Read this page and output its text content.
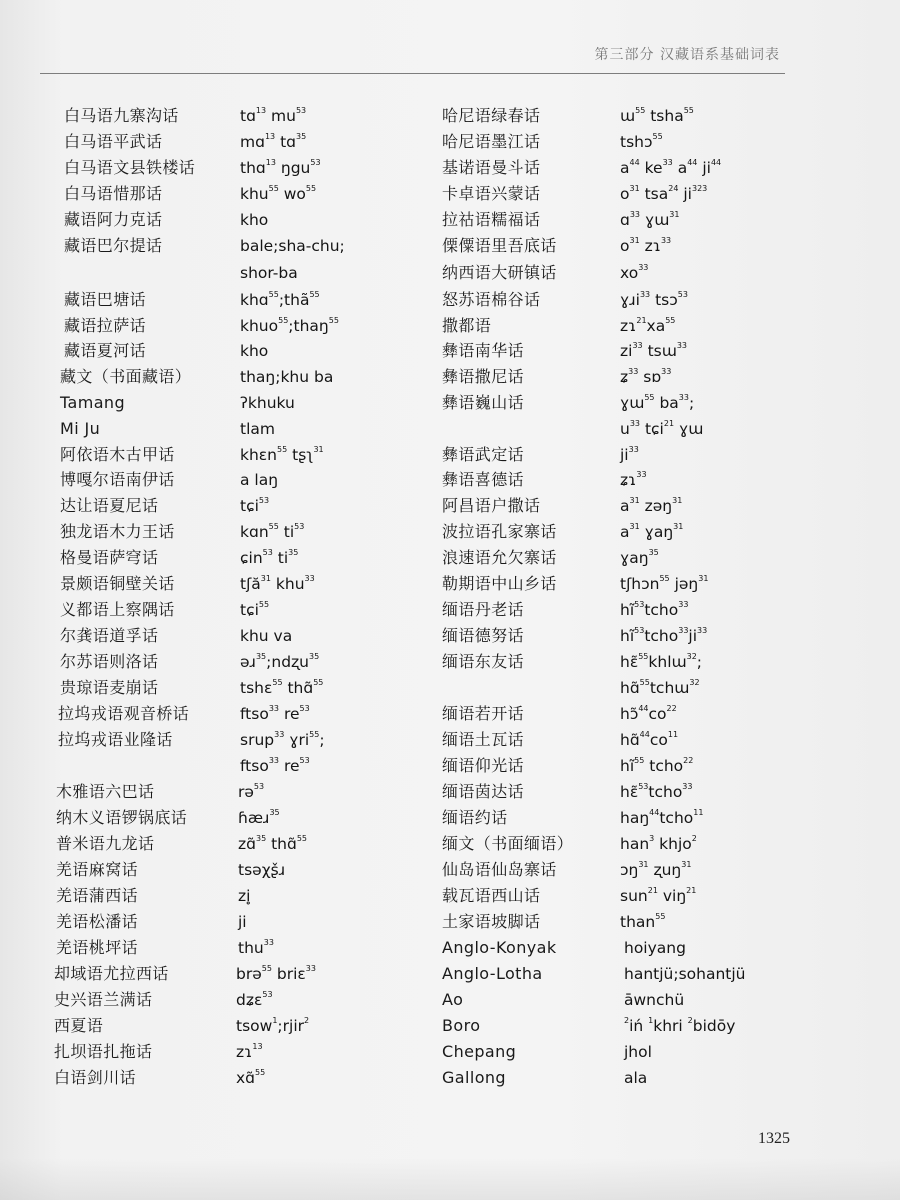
第三部分 汉藏语系基础词表
白马语九寨沟话	tɑ$^{13}$ $mu^{53}$
白马语平武话	mɑ$^{13}$ tɑ$^{35}$
白马语文县铁楼话	thɑ$^{13}$ ŋgu$^{53}$
白马语惜那话	khu$^{55}$ $wo^{55}$
藏语阿力克话	kho
藏语巴尔提话	bale;sha-chu;
shor-ba
藏语巴塘话	khɑ$^{55}$;thã$^{55}$
藏语拉萨话	khuo$^{55}$;thaŋ$^{55}$
藏语夏河话	kho
藏文（书面藏语）	thaŋ;khu ba
Tamang	ʔkhuku
Mi Ju	tlam
阿依语木古甲话	khɛn$^{55}$ tʂʅ$^{31}$
博嘎尔语南伊话	a laŋ
达让语夏尼话	tɕi$^{53}$
独龙语木力王话	kɑn$^{55}$ $ti^{53}$
格曼语萨穹话	ɕin$^{53}$ $ti^{35}$
景颇语铜壁关话	tʃă$^{31}$ khu$^{33}$
义都语上察隅话	tɕi$^{55}$
尔龚语道孚话	khu va
尔苏语则洛话	əɹ$^{35}$;ndʐu$^{35}$
贵琼语麦崩话	tshɛ$^{55}$ thɑ̃$^{55}$
拉坞戎语观音桥话	ftso$^{33}$ $re^{53}$
拉坞戎语业隆话	srup$^{33}$ ɣri$^{55}$;
ftso$^{33}$ $re^{53}$
木雅语六巴话	rə$^{53}$
纳木义语锣锅底话	ɦæɹ$^{35}$
普米语九龙话	zɑ̃$^{35}$ thɑ̃$^{55}$
羌语麻窝话	tsəχʂ̌ɹ
羌语蒲西话	zi̥
羌语松潘话	ji
羌语桃坪话	thu$^{33}$
却域语尤拉西话	brə$^{55}$ briɛ$^{33}$
史兴语兰满话	dʑɛ$^{53}$
西夏语	tsow$^1$;rjir$^2$
扎坝语扎拖话	zɿ$^{13}$
白语剑川话	xɑ̃$^{55}$
哈尼语绿春话	ɯ$^{55}$ tsha$^{55}$
哈尼语墨江话	tshɔ$^{55}$
基诺语曼斗话	$a^{44}$ $ke^{33}$ $a^{44}$ $ji^{44}$
卡卓语兴蒙话	$o^{31}$ tsa$^{24}$ $ji^{323}$
拉祜语糯福话	ɑ$^{33}$ ɣɯ$^{31}$
傈僳语里吾底话	$o^{31}$ zɿ$^{33}$
纳西语大研镇话	$xo^{33}$
怒苏语棉谷话	ɣɹi$^{33}$ tsɔ$^{53}$
撒都语	$zɿ^{21}xa^{55}$
彝语南华话	$zi^{33}$ tsɯ$^{33}$
彝语撒尼话	ʑ$^{33}$ sɒ$^{33}$
彝语巍山话	ɣɯ$^{55}$ $ba^{33}$;
$u^{33}$ tɕi$^{21}$ ɣɯ
彝语武定话	$ji^{33}$
彝语喜德话	ʑɿ$^{33}$
阿昌语户撒话	$a^{31}$ zəŋ$^{31}$
波拉语孔家寨话	$a^{31}$ ɣaŋ$^{31}$
浪速语允欠寨话	ɣaŋ$^{35}$
勒期语中山乡话	tʃhɔn$^{55}$ jəŋ$^{31}$
缅语丹老话	$hĩ^{53}tcho^{33}$
缅语德努话	$hĩ^{53}tcho^{33}ji^{33}$
缅语东友话	hɛ̃$^{55}$khlɯ$^{32}$;
hɑ̃$^{55}$tchɯ$^{32}$
缅语若开话	$hɔ̃^{44}co^{22}$
缅语土瓦话	$hɑ̃^{44}co^{11}$
缅语仰光话	$hĩ^{55}$ tcho$^{22}$
缅语茵达话	hɛ̃$^{53}$tcho$^{33}$
缅语约话	haŋ$^{44}$tcho$^{11}$
缅文（书面缅语）	han$^3$ khjo$^2$
仙岛语仙岛寨话	ɔŋ$^{31}$ ʐuŋ$^{31}$
载瓦语西山话	sun$^{21}$ viŋ$^{21}$
土家语坡脚话	than$^{55}$
Anglo-Konyak	hoiyang
Anglo-Lotha	hantjü;sohantjü
Ao	āwnchü
Boro	$^2$iń $^1$khri $^2$bidōy
Chepang	jhol
Gallong	ala

1325
